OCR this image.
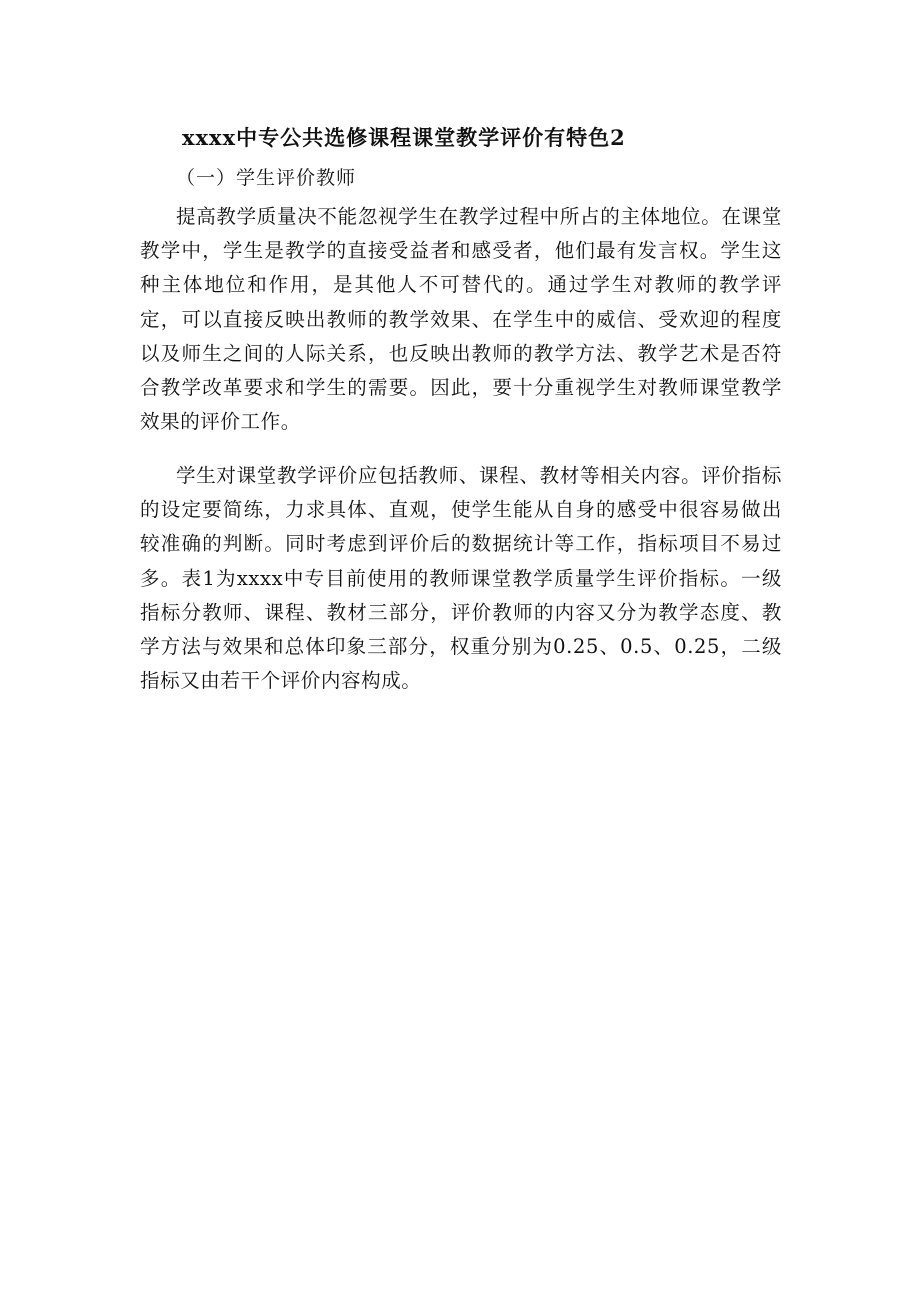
xxxx中专公共选修课程课堂教学评价有特色2
（一）学生评价教师

提高教学质量决不能忽视学生在教学过程中所占的主体地位。在课堂教学中，学生是教学的直接受益者和感受者，他们最有发言权。学生这种主体地位和作用，是其他人不可替代的。通过学生对教师的教学评定，可以直接反映出教师的教学效果、在学生中的威信、受欢迎的程度以及师生之间的人际关系，也反映出教师的教学方法、教学艺术是否符合教学改革要求和学生的需要。因此，要十分重视学生对教师课堂教学效果的评价工作。

学生对课堂教学评价应包括教师、课程、教材等相关内容。评价指标的设定要简练，力求具体、直观，使学生能从自身的感受中很容易做出较准确的判断。同时考虑到评价后的数据统计等工作，指标项目不易过多。表1为xxxx中专目前使用的教师课堂教学质量学生评价指标。一级指标分教师、课程、教材三部分，评价教师的内容又分为教学态度、教学方法与效果和总体印象三部分，权重分别为0.25、0.5、0.25，二级指标又由若干个评价内容构成。
